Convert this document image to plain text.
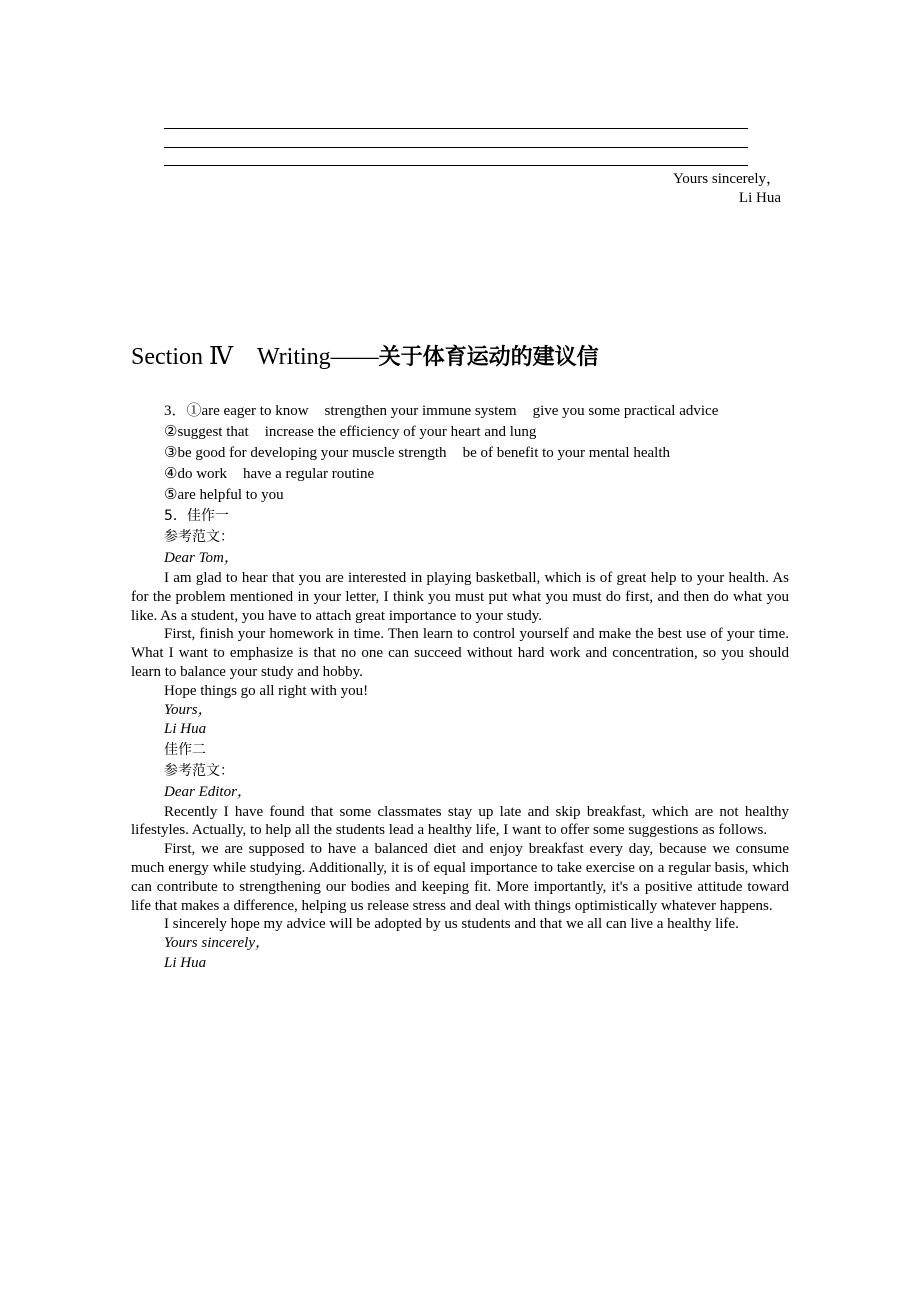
Yours sincerely，
Li Hua
Section Ⅳ Writing——关于体育运动的建议信
3．①are eager to know strengthen your immune system give you some practical advice
②suggest that increase the efficiency of your heart and lung
③be good for developing your muscle strength be of benefit to your mental health
④do work have a regular routine
⑤are helpful to you
5．佳作一
参考范文：
Dear Tom，

I am glad to hear that you are interested in playing basketball, which is of great help to your health. As for the problem mentioned in your letter, I think you must put what you must do first, and then do what you like. As a student, you have to attach great importance to your study.

First, finish your homework in time. Then learn to control yourself and make the best use of your time. What I want to emphasize is that no one can succeed without hard work and concentration, so you should learn to balance your study and hobby.

Hope things go all right with you!

Yours，
Li Hua
佳作二
参考范文：
Dear Editor，

Recently I have found that some classmates stay up late and skip breakfast, which are not healthy lifestyles. Actually, to help all the students lead a healthy life, I want to offer some suggestions as follows.

First, we are supposed to have a balanced diet and enjoy breakfast every day, because we consume much energy while studying. Additionally, it is of equal importance to take exercise on a regular basis, which can contribute to strengthening our bodies and keeping fit. More importantly, it's a positive attitude toward life that makes a difference, helping us release stress and deal with things optimistically whatever happens.

I sincerely hope my advice will be adopted by us students and that we all can live a healthy life.

Yours sincerely，
Li Hua
